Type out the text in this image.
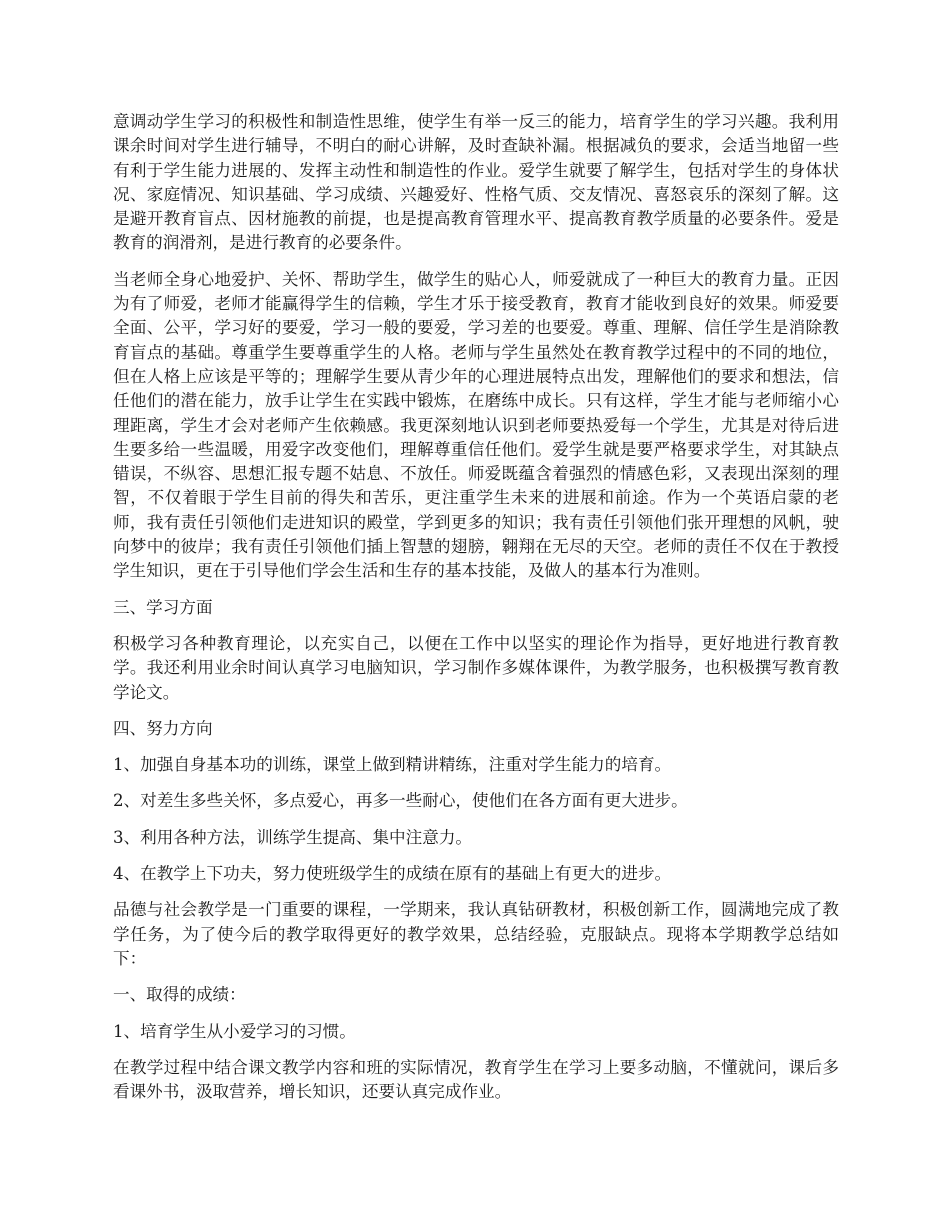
意调动学生学习的积极性和制造性思维，使学生有举一反三的能力，培育学生的学习兴趣。我利用课余时间对学生进行辅导，不明白的耐心讲解，及时查缺补漏。根据减负的要求，会适当地留一些有利于学生能力进展的、发挥主动性和制造性的作业。爱学生就要了解学生，包括对学生的身体状况、家庭情况、知识基础、学习成绩、兴趣爱好、性格气质、交友情况、喜怒哀乐的深刻了解。这是避开教育盲点、因材施教的前提，也是提高教育管理水平、提高教育教学质量的必要条件。爱是教育的润滑剂，是进行教育的必要条件。

当老师全身心地爱护、关怀、帮助学生，做学生的贴心人，师爱就成了一种巨大的教育力量。正因为有了师爱，老师才能赢得学生的信赖，学生才乐于接受教育，教育才能收到良好的效果。师爱要全面、公平，学习好的要爱，学习一般的要爱，学习差的也要爱。尊重、理解、信任学生是消除教育盲点的基础。尊重学生要尊重学生的人格。老师与学生虽然处在教育教学过程中的不同的地位，但在人格上应该是平等的；理解学生要从青少年的心理进展特点出发，理解他们的要求和想法，信任他们的潜在能力，放手让学生在实践中锻炼，在磨练中成长。只有这样，学生才能与老师缩小心理距离，学生才会对老师产生依赖感。我更深刻地认识到老师要热爱每一个学生，尤其是对待后进生要多给一些温暖，用爱字改变他们，理解尊重信任他们。爱学生就是要严格要求学生，对其缺点错误，不纵容、思想汇报专题不姑息、不放任。师爱既蕴含着强烈的情感色彩，又表现出深刻的理智，不仅着眼于学生目前的得失和苦乐，更注重学生未来的进展和前途。作为一个英语启蒙的老师，我有责任引领他们走进知识的殿堂，学到更多的知识；我有责任引领他们张开理想的风帆，驶向梦中的彼岸；我有责任引领他们插上智慧的翅膀，翱翔在无尽的天空。老师的责任不仅在于教授学生知识，更在于引导他们学会生活和生存的基本技能，及做人的基本行为准则。

三、学习方面

积极学习各种教育理论，以充实自己，以便在工作中以坚实的理论作为指导，更好地进行教育教学。我还利用业余时间认真学习电脑知识，学习制作多媒体课件，为教学服务，也积极撰写教育教学论文。

四、努力方向

1、加强自身基本功的训练，课堂上做到精讲精练，注重对学生能力的培育。

2、对差生多些关怀，多点爱心，再多一些耐心，使他们在各方面有更大进步。

3、利用各种方法，训练学生提高、集中注意力。

4、在教学上下功夫，努力使班级学生的成绩在原有的基础上有更大的进步。

品德与社会教学是一门重要的课程，一学期来，我认真钻研教材，积极创新工作，圆满地完成了教学任务，为了使今后的教学取得更好的教学效果，总结经验，克服缺点。现将本学期教学总结如下：

一、取得的成绩：

1、培育学生从小爱学习的习惯。

在教学过程中结合课文教学内容和班的实际情况，教育学生在学习上要多动脑，不懂就问，课后多看课外书，汲取营养，增长知识，还要认真完成作业。
